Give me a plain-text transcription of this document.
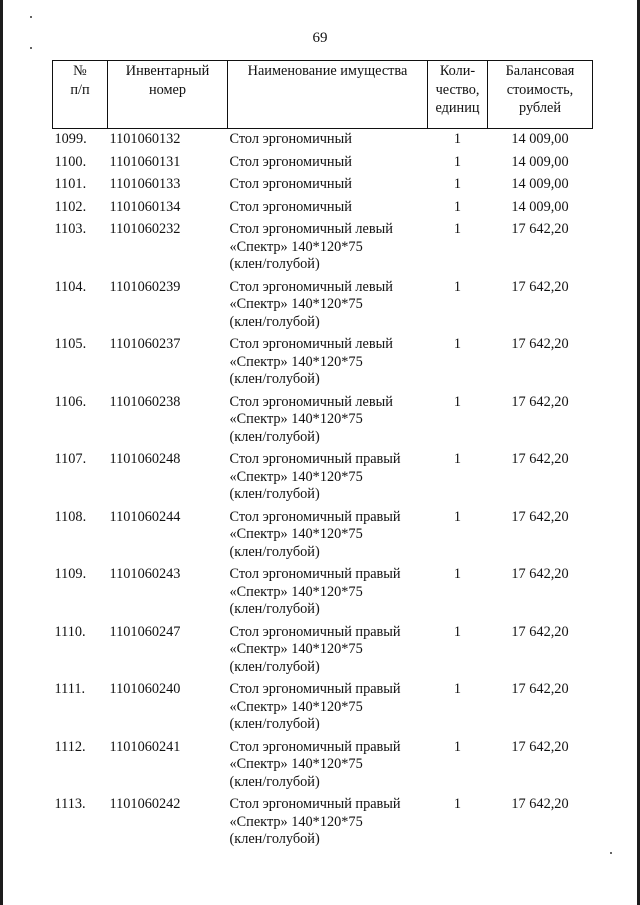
69
№
п/п	Инвентарный
номер	Наименование имущества	Коли-
чество,
единиц	Балансовая
стоимость,
рублей

1099.	1101060132	Стол эргономичный	1	14 009,00
1100.	1101060131	Стол эргономичный	1	14 009,00
1101.	1101060133	Стол эргономичный	1	14 009,00
1102.	1101060134	Стол эргономичный	1	14 009,00
1103.	1101060232	Стол эргономичный левый
«Спектр» 140*120*75
(клен/голубой)	1	17 642,20
1104.	1101060239	Стол эргономичный левый
«Спектр» 140*120*75
(клен/голубой)	1	17 642,20
1105.	1101060237	Стол эргономичный левый
«Спектр» 140*120*75
(клен/голубой)	1	17 642,20
1106.	1101060238	Стол эргономичный левый
«Спектр» 140*120*75
(клен/голубой)	1	17 642,20
1107.	1101060248	Стол эргономичный правый
«Спектр» 140*120*75
(клен/голубой)	1	17 642,20
1108.	1101060244	Стол эргономичный правый
«Спектр» 140*120*75
(клен/голубой)	1	17 642,20
1109.	1101060243	Стол эргономичный правый
«Спектр» 140*120*75
(клен/голубой)	1	17 642,20
1110.	1101060247	Стол эргономичный правый
«Спектр» 140*120*75
(клен/голубой)	1	17 642,20
1111.	1101060240	Стол эргономичный правый
«Спектр» 140*120*75
(клен/голубой)	1	17 642,20
1112.	1101060241	Стол эргономичный правый
«Спектр» 140*120*75
(клен/голубой)	1	17 642,20
1113.	1101060242	Стол эргономичный правый
«Спектр» 140*120*75
(клен/голубой)	1	17 642,20
